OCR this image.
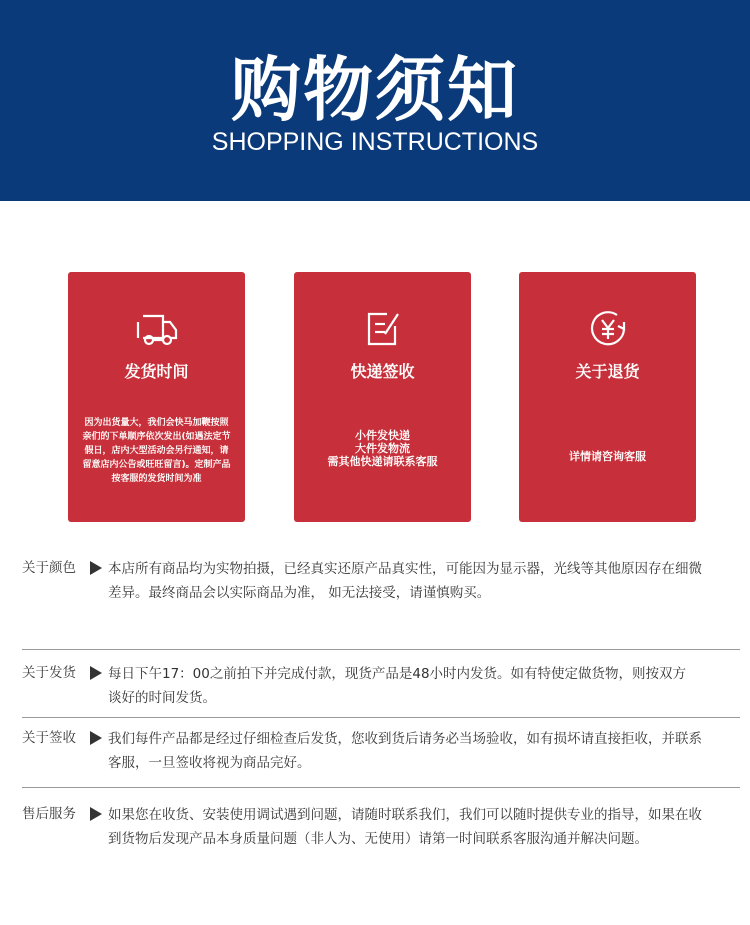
购物须知
SHOPPING INSTRUCTIONS
发货时间
因为出货量大，我们会快马加鞭按照
亲们的下单顺序依次发出(如遇法定节
假日，店内大型活动会另行通知，请
留意店内公告或旺旺留言)。定制产品
按客服的发货时间为准
快递签收
小件发快递
大件发物流
需其他快递请联系客服
关于退货
详情请咨询客服
关于颜色 本店所有商品均为实物拍摄，已经真实还原产品真实性，可能因为显示器，光线等其他原因存在细微
差异。最终商品会以实际商品为准， 如无法接受，请谨慎购买。
关于发货 每日下午17：00之前拍下并完成付款，现货产品是48小时内发货。如有特使定做货物，则按双方
谈好的时间发货。
关于签收 我们每件产品都是经过仔细检查后发货，您收到货后请务必当场验收，如有损坏请直接拒收，并联系
客服，一旦签收将视为商品完好。
售后服务 如果您在收货、安装使用调试遇到问题，请随时联系我们，我们可以随时提供专业的指导，如果在收
到货物后发现产品本身质量问题（非人为、无使用）请第一时间联系客服沟通并解决问题。
